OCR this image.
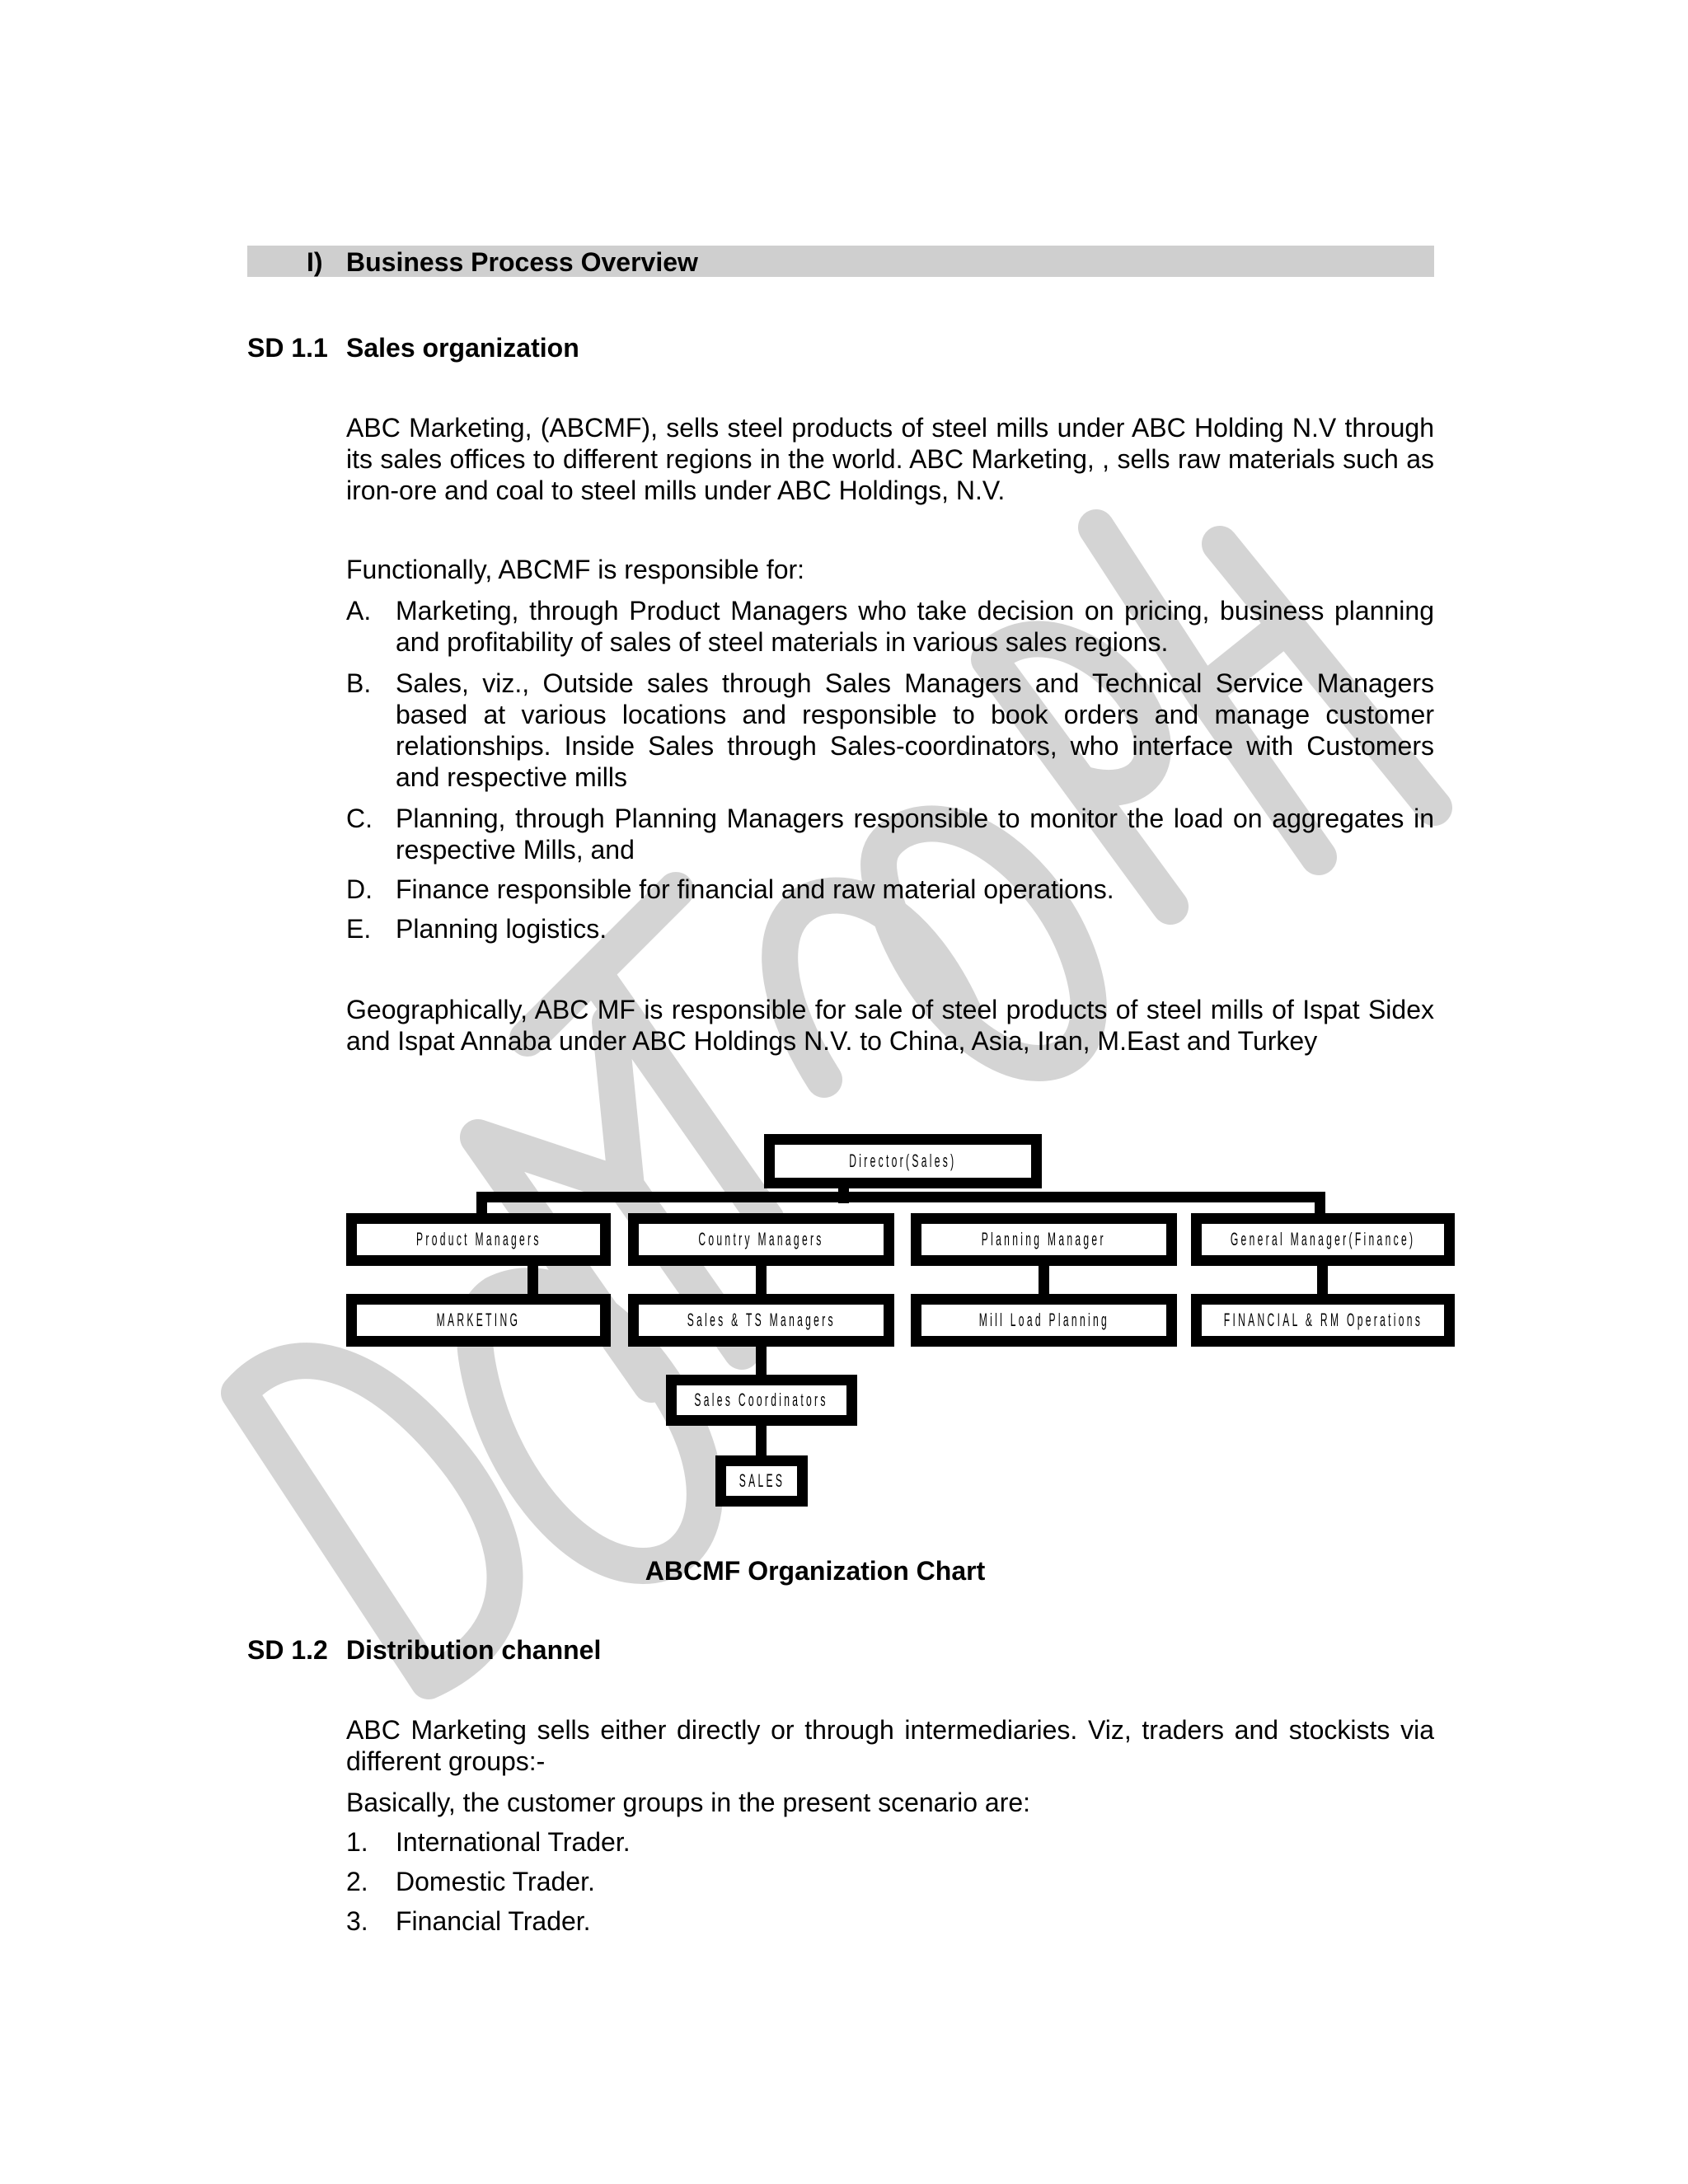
I) Business Process Overview
SD 1.1 Sales organization
ABC Marketing, (ABCMF), sells steel products of steel mills under ABC Holding N.V through its sales offices to different regions in the world. ABC Marketing, , sells raw materials such as iron-ore and coal to steel mills under ABC Holdings, N.V.
Functionally, ABCMF is responsible for:
A. Marketing, through Product Managers who take decision on pricing, business planning and profitability of sales of steel materials in various sales regions.
B. Sales, viz., Outside sales through Sales Managers and Technical Service Managers based at various locations and responsible to book orders and manage customer relationships. Inside Sales through Sales-coordinators, who interface with Customers and respective mills
C. Planning, through Planning Managers responsible to monitor the load on aggregates in respective Mills, and
D. Finance responsible for financial and raw material operations.
E. Planning logistics.
Geographically, ABC MF is responsible for sale of steel products of steel mills of Ispat Sidex and Ispat Annaba under ABC Holdings N.V. to China, Asia, Iran, M.East and Turkey
Director(Sales)
Product Managers	Country Managers	Planning Manager	General Manager(Finance)
MARKETING	Sales & TS Managers	Mill Load Planning	FINANCIAL & RM Operations
Sales Coordinators
SALES
ABCMF Organization Chart
SD 1.2 Distribution channel
ABC Marketing sells either directly or through intermediaries. Viz, traders and stockists via different groups:-
Basically, the customer groups in the present scenario are:
1. International Trader.
2. Domestic Trader.
3. Financial Trader.
